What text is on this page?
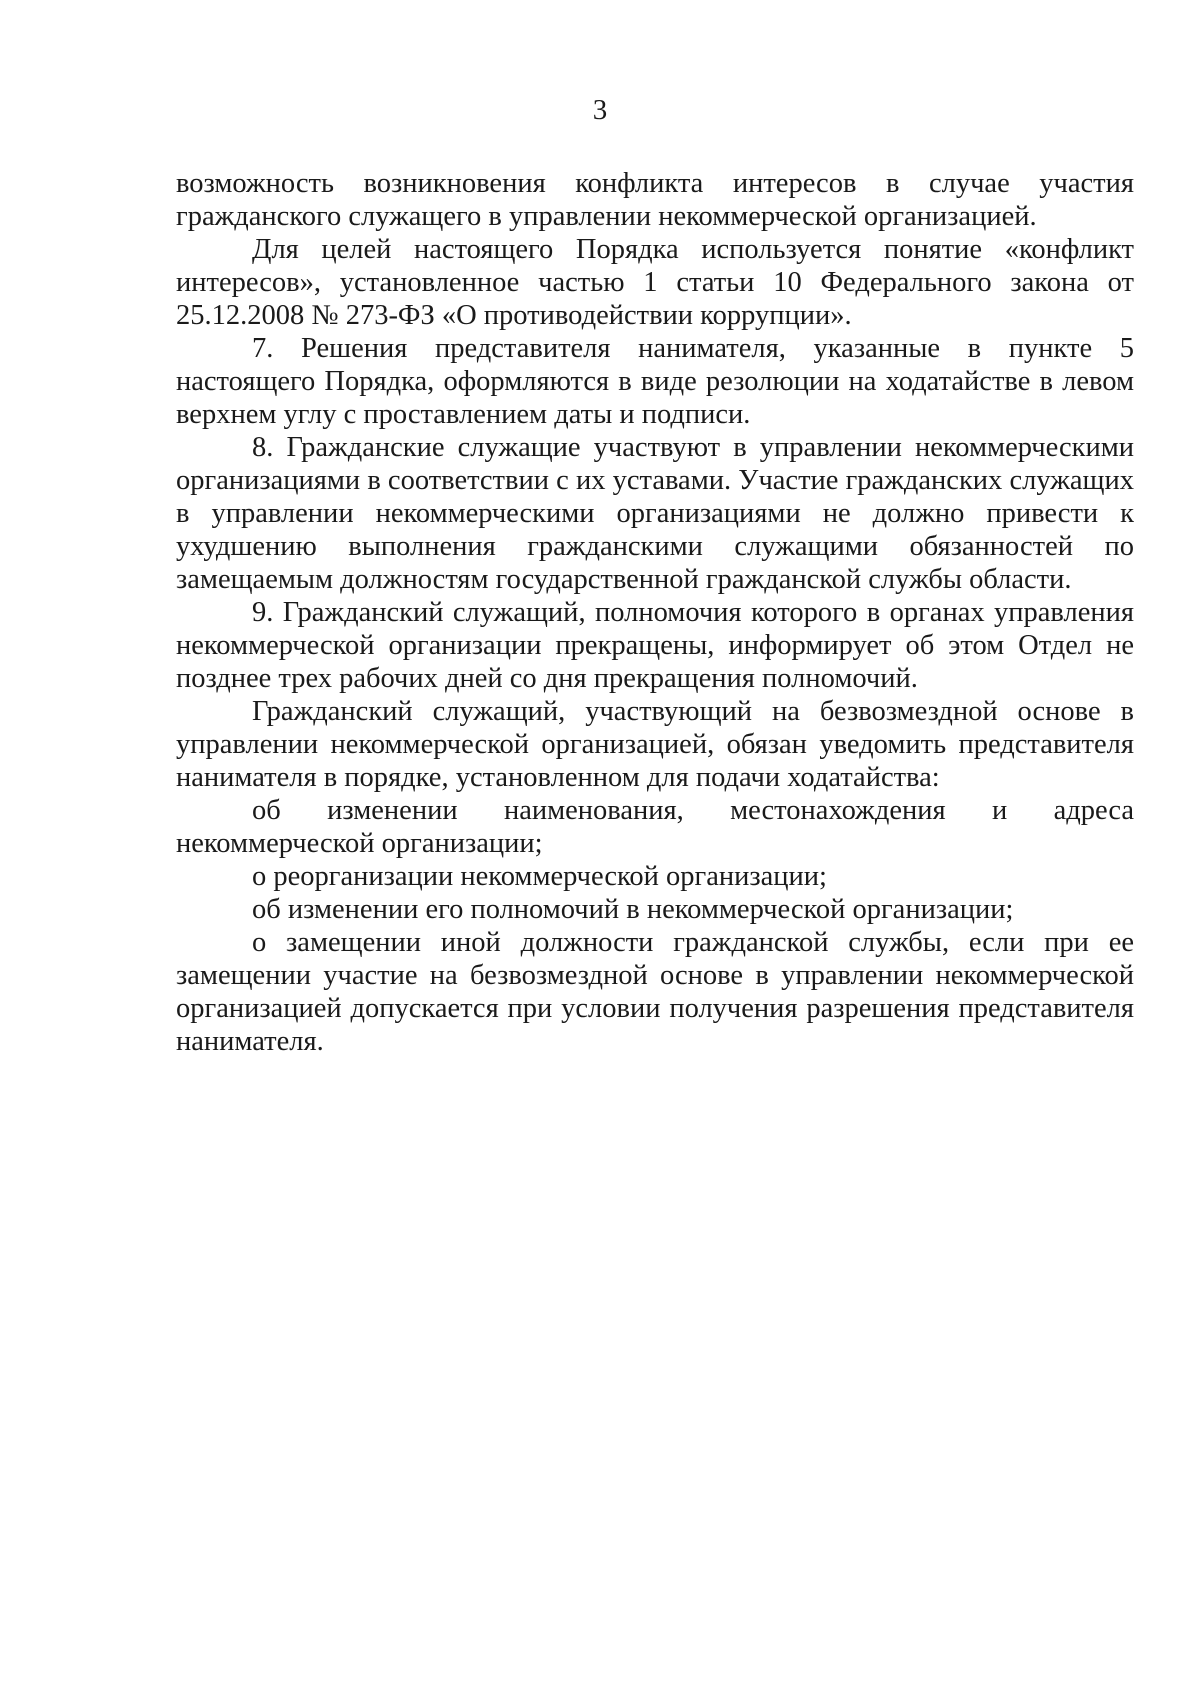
3

возможность возникновения конфликта интересов в случае участия гражданского служащего в управлении некоммерческой организацией.

Для целей настоящего Порядка используется понятие «конфликт интересов», установленное частью 1 статьи 10 Федерального закона от 25.12.2008 № 273-ФЗ «О противодействии коррупции».

7. Решения представителя нанимателя, указанные в пункте 5 настоящего Порядка, оформляются в виде резолюции на ходатайстве в левом верхнем углу с проставлением даты и подписи.

8. Гражданские служащие участвуют в управлении некоммерческими организациями в соответствии с их уставами. Участие гражданских служащих в управлении некоммерческими организациями не должно привести к ухудшению выполнения гражданскими служащими обязанностей по замещаемым должностям государственной гражданской службы области.

9. Гражданский служащий, полномочия которого в органах управления некоммерческой организации прекращены, информирует об этом Отдел не позднее трех рабочих дней со дня прекращения полномочий.

Гражданский служащий, участвующий на безвозмездной основе в управлении некоммерческой организацией, обязан уведомить представителя нанимателя в порядке, установленном для подачи ходатайства:

об изменении наименования, местонахождения и адреса некоммерческой организации;

о реорганизации некоммерческой организации;

об изменении его полномочий в некоммерческой организации;

о замещении иной должности гражданской службы, если при ее замещении участие на безвозмездной основе в управлении некоммерческой организацией допускается при условии получения разрешения представителя нанимателя.
